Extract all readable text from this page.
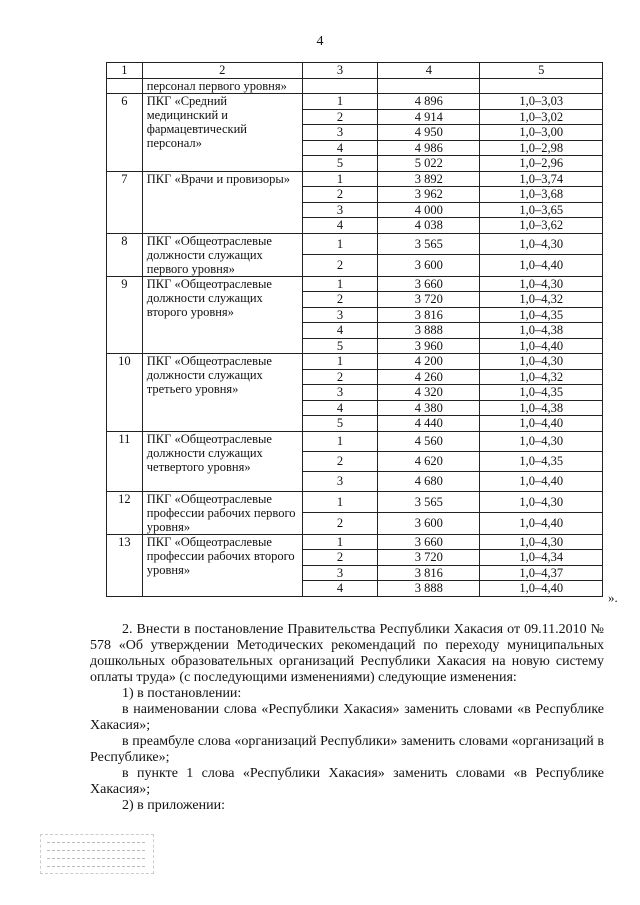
4
1	2	3	4	5
	персонал первого уровня»			
6	ПКГ «Средний медицинский и фармацевтический персонал»	1	4 896	1,0–3,03
		2	4 914	1,0–3,02
		3	4 950	1,0–3,00
		4	4 986	1,0–2,98
		5	5 022	1,0–2,96
7	ПКГ «Врачи и провизоры»	1	3 892	1,0–3,74
		2	3 962	1,0–3,68
		3	4 000	1,0–3,65
		4	4 038	1,0–3,62
8	ПКГ «Общеотраслевые должности служащих первого уровня»	1	3 565	1,0–4,30
		2	3 600	1,0–4,40
9	ПКГ «Общеотраслевые должности служащих второго уровня»	1	3 660	1,0–4,30
		2	3 720	1,0–4,32
		3	3 816	1,0–4,35
		4	3 888	1,0–4,38
		5	3 960	1,0–4,40
10	ПКГ «Общеотраслевые должности служащих третьего уровня»	1	4 200	1,0–4,30
		2	4 260	1,0–4,32
		3	4 320	1,0–4,35
		4	4 380	1,0–4,38
		5	4 440	1,0–4,40
11	ПКГ «Общеотраслевые должности служащих четвертого уровня»	1	4 560	1,0–4,30
		2	4 620	1,0–4,35
		3	4 680	1,0–4,40
12	ПКГ «Общеотраслевые профессии рабочих первого уровня»	1	3 565	1,0–4,30
		2	3 600	1,0–4,40
13	ПКГ «Общеотраслевые профессии рабочих второго уровня»	1	3 660	1,0–4,30
		2	3 720	1,0–4,34
		3	3 816	1,0–4,37
		4	3 888	1,0–4,40
».

2. Внести в постановление Правительства Республики Хакасия от 09.11.2010 № 578 «Об утверждении Методических рекомендаций по переходу муниципальных дошкольных образовательных организаций Республики Хакасия на новую систему оплаты труда» (с последующими изменениями) следующие изменения:

1) в постановлении:

в наименовании слова «Республики Хакасия» заменить словами «в Республике Хакасия»;

в преамбуле слова «организаций Республики» заменить словами «организаций в Республике»;

в пункте 1 слова «Республики Хакасия» заменить словами «в Республике Хакасия»;

2) в приложении:
